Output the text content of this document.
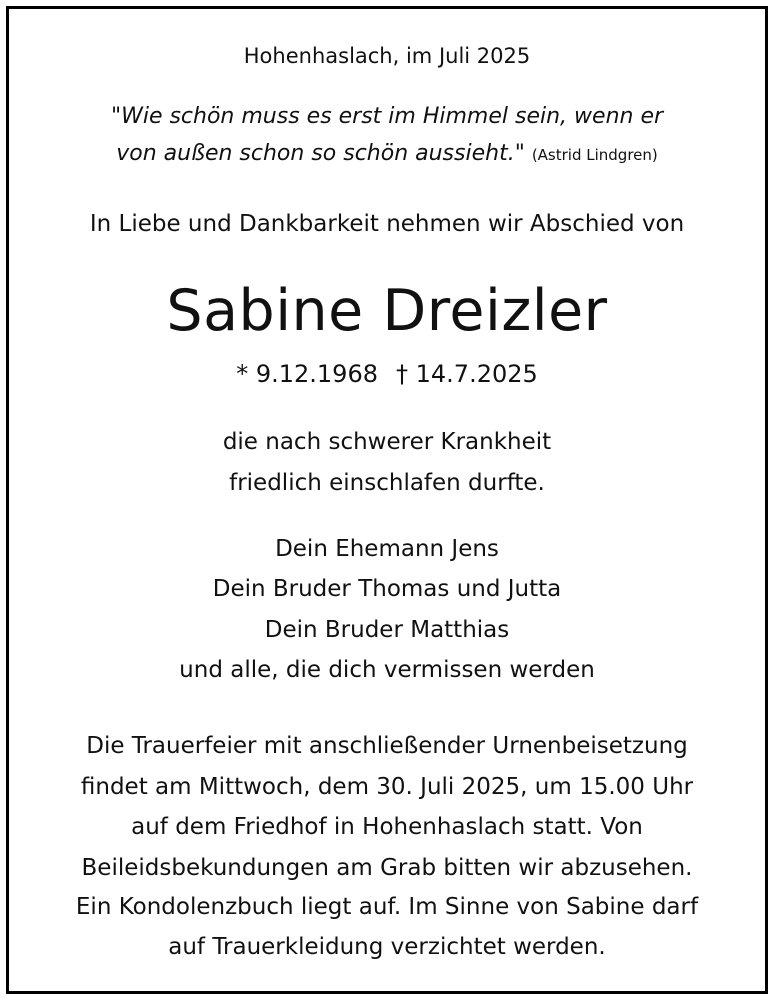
Hohenhaslach, im Juli 2025
"Wie schön muss es erst im Himmel sein, wenn er
von außen schon so schön aussieht." (Astrid Lindgren)
In Liebe und Dankbarkeit nehmen wir Abschied von
Sabine Dreizler
* 9.12.1968 † 14.7.2025
die nach schwerer Krankheit
friedlich einschlafen durfte.
Dein Ehemann Jens
Dein Bruder Thomas und Jutta
Dein Bruder Matthias
und alle, die dich vermissen werden
Die Trauerfeier mit anschließender Urnenbeisetzung
findet am Mittwoch, dem 30. Juli 2025, um 15.00 Uhr
auf dem Friedhof in Hohenhaslach statt. Von
Beileidsbekundungen am Grab bitten wir abzusehen.
Ein Kondolenzbuch liegt auf. Im Sinne von Sabine darf
auf Trauerkleidung verzichtet werden.
